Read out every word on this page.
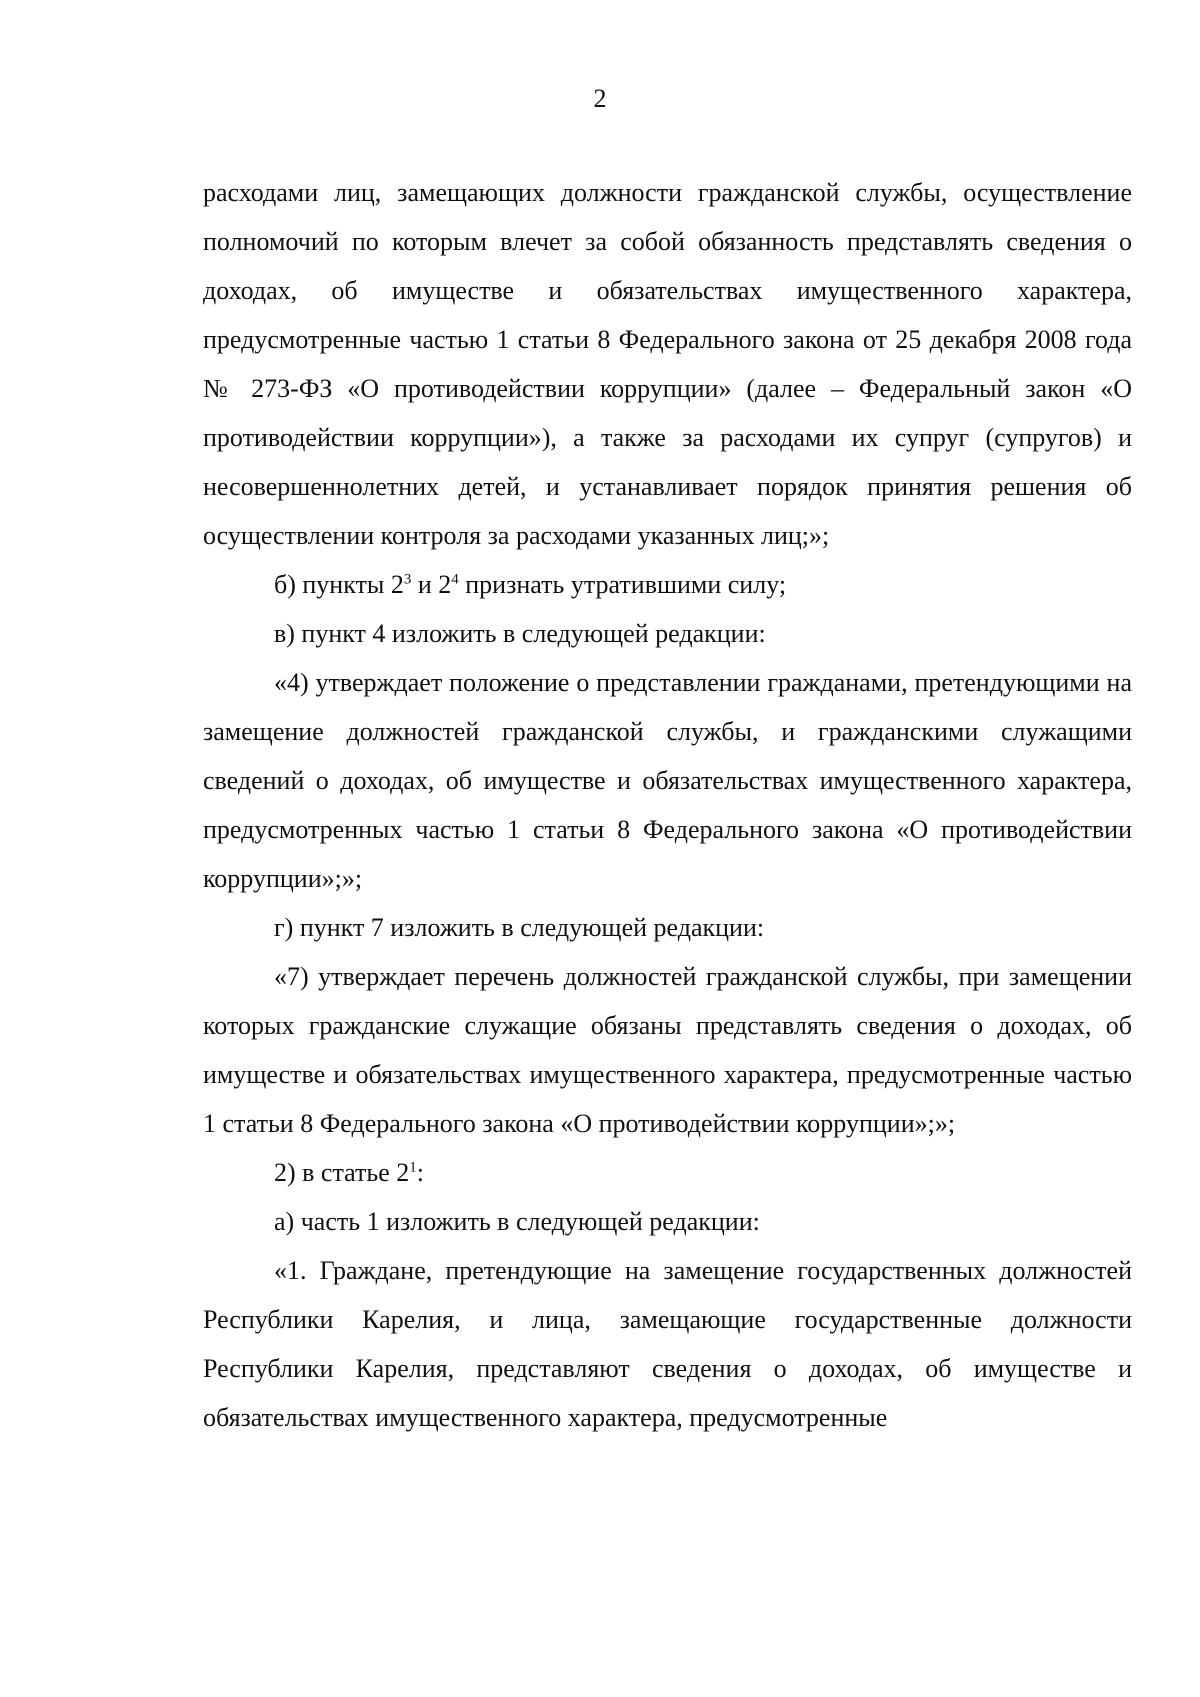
2

расходами лиц, замещающих должности гражданской службы, осуществление полномочий по которым влечет за собой обязанность представлять сведения о доходах, об имуществе и обязательствах имущественного характера, предусмотренные частью 1 статьи 8 Федерального закона от 25 декабря 2008 года № 273-ФЗ «О противодействии коррупции» (далее – Федеральный закон «О противодействии коррупции»), а также за расходами их супруг (супругов) и несовершеннолетних детей, и устанавливает порядок принятия решения об осуществлении контроля за расходами указанных лиц;»;

б) пункты $2^3$ и $2^4$ признать утратившими силу;

в) пункт 4 изложить в следующей редакции:

«4) утверждает положение о представлении гражданами, претендующими на замещение должностей гражданской службы, и гражданскими служащими сведений о доходах, об имуществе и обязательствах имущественного характера, предусмотренных частью 1 статьи 8 Федерального закона «О противодействии коррупции»;»;

г) пункт 7 изложить в следующей редакции:

«7) утверждает перечень должностей гражданской службы, при замещении которых гражданские служащие обязаны представлять сведения о доходах, об имуществе и обязательствах имущественного характера, предусмотренные частью 1 статьи 8 Федерального закона «О противодействии коррупции»;»;

2) в статье $2^1$:

а) часть 1 изложить в следующей редакции:

«1. Граждане, претендующие на замещение государственных должностей Республики Карелия, и лица, замещающие государственные должности Республики Карелия, представляют сведения о доходах, об имуществе и обязательствах имущественного характера, предусмотренные
